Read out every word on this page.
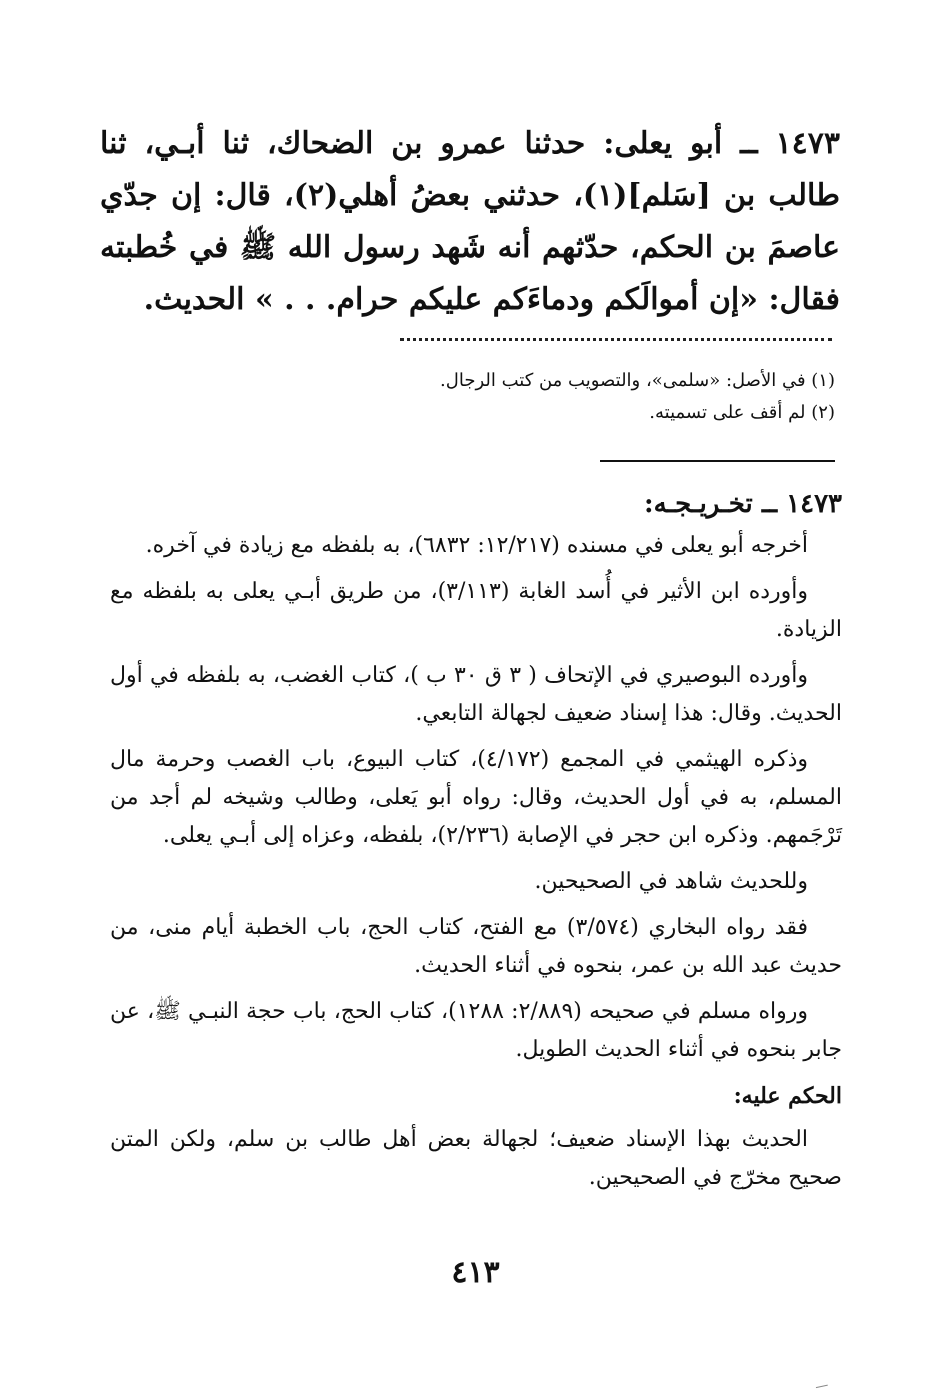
١٤٧٣ ــ أبو يعلى: حدثنا عمرو بن الضحاك، ثنا أبـي، ثنا طالب بن [سَلم](١)، حدثني بعضُ أهلي(٢)، قال: إن جدّي عاصمَ بن الحكم، حدّثهم أنه شَهد رسول الله ﷺ في خُطبته فقال: «إن أموالَكم ودماءَكم عليكم حرام. . . » الحديث.

(١) في الأصل: «سلمى»، والتصويب من كتب الرجال.

(٢) لم أقف على تسميته.

١٤٧٣ ــ تخـريـجـه:

أخرجه أبو يعلى في مسنده (١٢/٢١٧: ٦٨٣٢)، به بلفظه مع زيادة في آخره.

وأورده ابن الأثير في أُسد الغابة (٣/١١٣)، من طريق أبـي يعلى به بلفظه مع الزيادة.

وأورده البوصيري في الإتحاف ( ٣ ق ٣٠ ب )، كتاب الغضب، به بلفظه في أول الحديث. وقال: هذا إسناد ضعيف لجهالة التابعي.

وذكره الهيثمي في المجمع (٤/١٧٢)، كتاب البيوع، باب الغصب وحرمة مال المسلم، به في أول الحديث، وقال: رواه أبو يَعلى، وطالب وشيخه لم أجد من تَرْجَمهم. وذكره ابن حجر في الإصابة (٢/٢٣٦)، بلفظه، وعزاه إلى أبـي يعلى.

وللحديث شاهد في الصحيحين.

فقد رواه البخاري (٣/٥٧٤) مع الفتح، كتاب الحج، باب الخطبة أيام منى، من حديث عبد الله بن عمر، بنحوه في أثناء الحديث.

ورواه مسلم في صحيحه (٢/٨٨٩: ١٢٨٨)، كتاب الحج، باب حجة النبـي ﷺ، عن جابر بنحوه في أثناء الحديث الطويل.

الحكم عليه:

الحديث بهذا الإسناد ضعيف؛ لجهالة بعض أهل طالب بن سلم، ولكن المتن صحيح مخرّج في الصحيحين.

٤١٣
